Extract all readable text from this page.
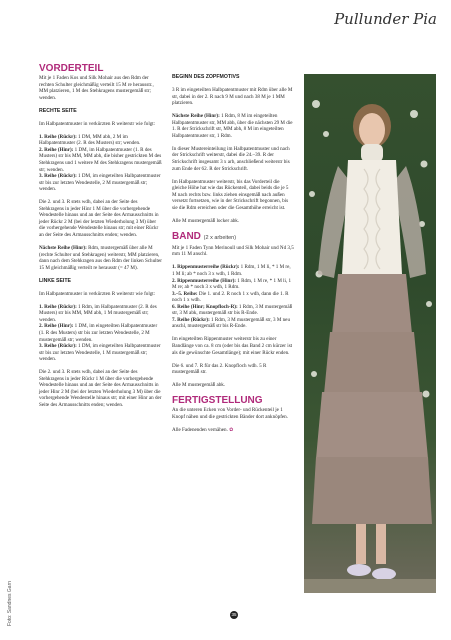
Pullunder Pia
VORDERTEIL

Mit je 1 Faden Kos und Silk Mohair aus den Rdm der rechten Schulter gleichmäßig verteilt 15 M re herausstr., MM platzieren, 1 M des Stehkragens mustergemäß str; wenden.

RECHTE SEITE

Im Halbpatentmuster in verkürzten R weiterstr wie folgt:

1. Reihe (Rückr): 1 DM, MM abh, 2 M im Halbpatentmuster (2. R des Musters) str; wenden.

2. Reihe (Hinr): 1 DM, im Halbpatentmuster (1. R des Musters) str bis MM, MM abh, die bisher gestrickten M des Stehkragens und 1 weitere M des Stehkragens mustergemäß str; wenden.

3. Reihe (Rückr): 1 DM, im eingeteilten Halbpatentmuster str bis zur letzten Wendestelle, 2 M mustergemäß str; wenden.

Die 2. und 3. R stets wdh, dabei an der Seite des Stehkragens in jeder Hinr 1 M über die vorhergehende Wendestelle hinaus und an der Seite des Armausschnitts in jeder Rückr 2 M (bei der letzten Wiederholung 3 M) über die vorhergehende Wendestelle hinaus str; mit einer Rückr an der Seite des Armausschnitts enden; wenden.

Nächste Reihe (Hinr): Rdm, mustergemäß über alle M (rechte Schulter und Stehkragen) weiterstr, MM platzieren, dann nach dem Stehkragen aus den Rdm der linken Schulter 15 M gleichmäßig verteilt re herausstr (= 47 M).

LINKE SEITE

Im Halbpatentmuster in verkürzten R weiterstr wie folgt:

1. Reihe (Rückr): 1 Rdm, im Halbpatentmuster (2. R des Musters) str bis MM, MM abh, 1 M mustergemäß str; wenden.

2. Reihe (Hinr): 1 DM, im eingeteilten Halbpatentmuster (1. R des Musters) str bis zur letzten Wendestelle, 2 M mustergemäß str; wenden.

3. Reihe (Rückr): 1 DM, im eingeteilten Halbpatentmuster str bis zur letzten Wendestelle, 1 M mustergemäß str; wenden.

Die 2. und 3. R stets wdh, dabei an der Seite des Stehkragens in jeder Rückr 1 M über die vorhergehende Wendestelle hinaus und an der Seite des Armausschnitts in jeder Hinr 2 M (bei der letzten Wiederholung 3 M) über die vorhergehende Wendestelle hinaus str; mit einer Hinr an der Seite des Armausschnitts enden; wenden.

BEGINN DES ZOPFMOTIVS

3 R im eingeteilten Halbpatentmuster mit Rdm über alle M str, dabei in der 2. R nach 9 M und nach 38 M je 1 MM platzieren.

Nächste Reihe (Hinr): 1 Rdm, 8 M im eingeteilten Halbpatentmuster str, MM abh, über die nächsten 29 M die 1. R der Strickschrift str, MM abh, 8 M im eingeteilten Halbpatentmuster str, 1 Rdm.

In dieser Mustereinteilung im Halbpatentmuster und nach der Strickschrift weiterstr, dabei die 24.–39. R der Strickschrift insgesamt 3 x arb, anschließend weiterstr bis zum Ende der 62. R der Strickschrift.

Im Halbpatentmuster weiterstr, bis das Vorderteil die gleiche Höhe hat wie das Rückenteil, dabei beids die je 5 M nach rechts bzw. links ziehen einsgemäß nach außen versetzt fortsetzen, wie in der Strickschrift begonnen, bis sie die Rdm erreichen oder die Gesamthöhe erreicht ist.

Alle M mustergemäß locker abk.

BAND (2 x arbeiten)

Mit je 1 Faden Tynn Merinoull und Silk Mohair und Nd 3,5 mm 11 M anschl.

1. Rippenmusterreihe (Rückr): 1 Rdm, 1 M li, * 1 M re, 1 M li; ab * noch 3 x wdh, 1 Rdm.

2. Rippenmusterreihe (Hinr): 1 Rdm, 1 M re, * 1 M li, 1 M re; ab * noch 3 x wdh, 1 Rdm.

3.–5. Reihe: Die 1. und 2. R noch 1 x wdh, dann die 1. R noch 1 x wdh.

6. Reihe (Hinr; Knopfloch-R): 1 Rdm, 3 M mustergemäß str, 3 M abk, mustergemäß str bis R-Ende.

7. Reihe (Rückr): 1 Rdm, 3 M mustergemäß str, 3 M neu anschl, mustergemäß str bis R-Ende.

Im eingeteilten Rippenmuster weiterstr bis zu einer Bandlänge von ca. 8 cm (oder bis das Band 2 cm kürzer ist als die gewünschte Gesamtlänge); mit einer Rückr enden.

Die 6. und 7. R für das 2. Knopfloch wdh. 5 R mustergemäß str.

Alle M mustergemäß abk.

FERTIGSTELLUNG

An die unteren Ecken von Vorder- und Rückenteil je 1 Knopf nähen und die gestrickten Bänder dort anknöpfen.

Alle Fadenenden vernähen. ✿

Foto: Sandnes Garn	35
